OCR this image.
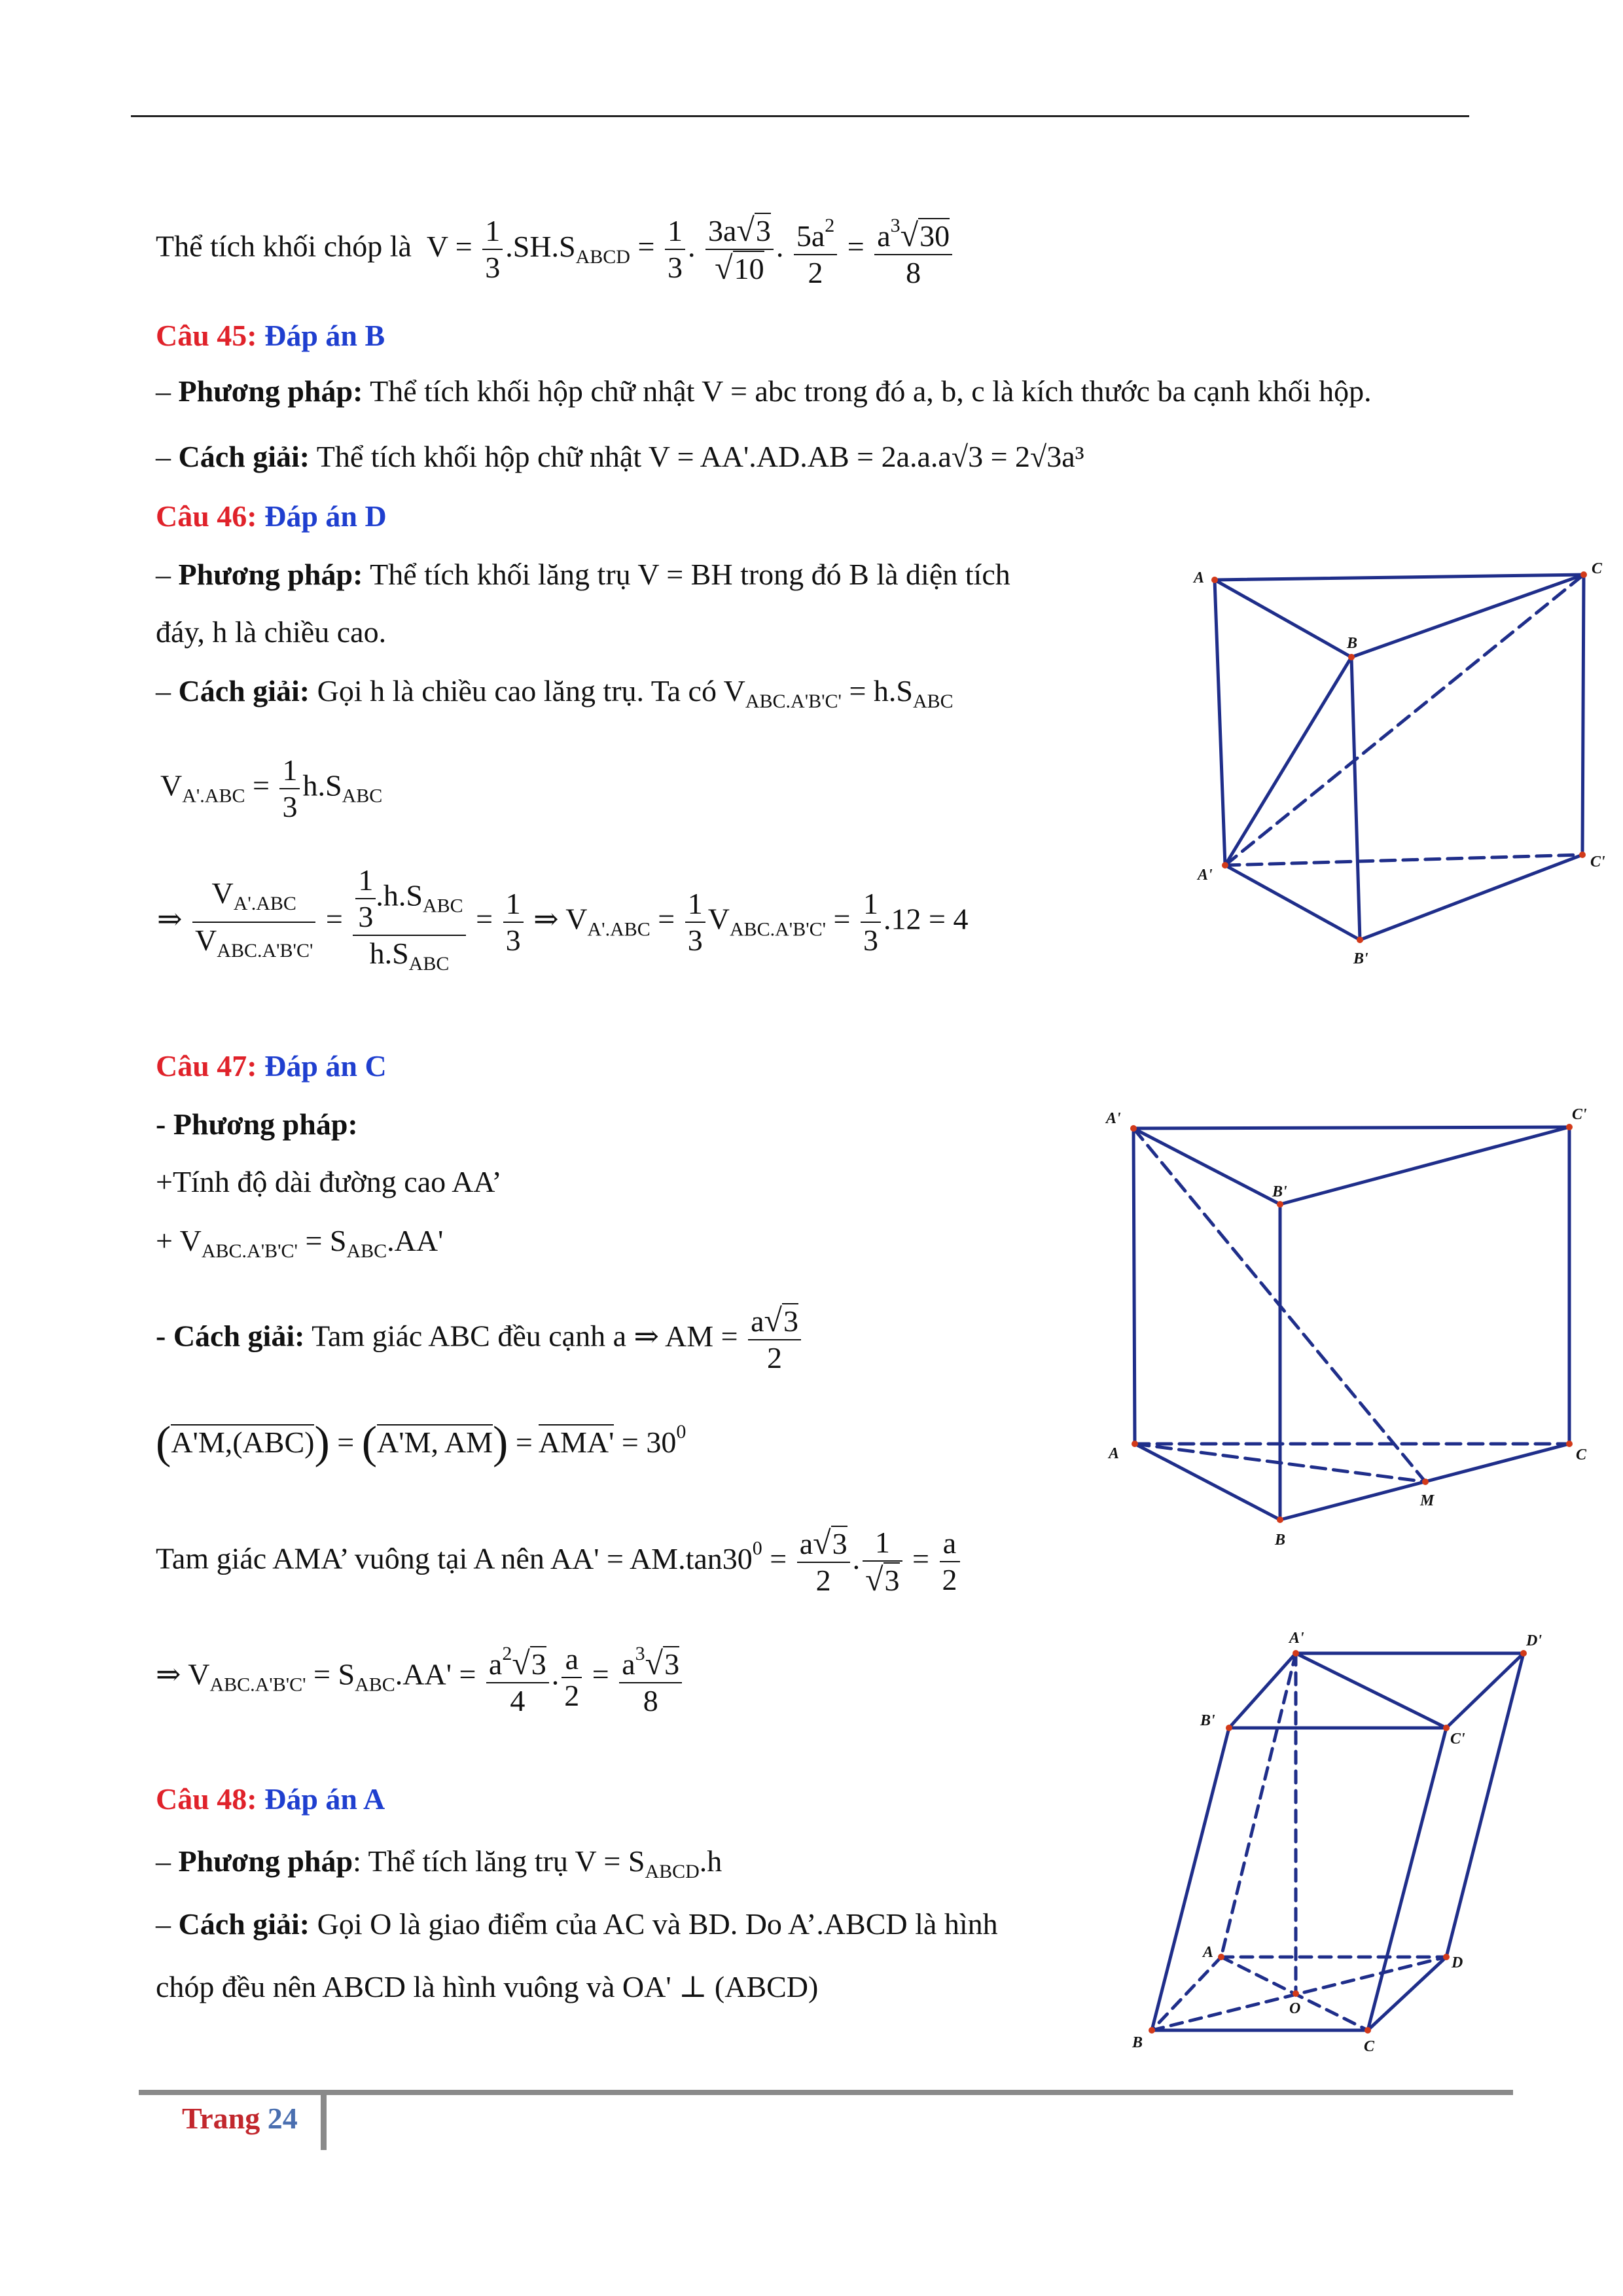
Thể tích khối chóp là  $V = \frac{1}{3} .SH.S_{ABCD} = \frac{1}{3}$ . $\frac{3a√3}{√10}$ . $\frac{5a^2}{2} = \frac{a^3√30}{8}$
Câu 45: Đáp án B
– Phương pháp: Thể tích khối hộp chữ nhật V = abc trong đó a, b, c là kích thước ba cạnh khối hộp.
– Cách giải: Thể tích khối hộp chữ nhật V = AA'.AD.AB = 2a.a.a√3 = 2√3a³
Câu 46: Đáp án D
– Phương pháp: Thể tích khối lăng trụ V = BH trong đó B là diện tích
đáy, h là chiều cao.
– Cách giải: Gọi h là chiều cao lăng trụ. Ta có $V_{ABC.A'B'C'} = h.S_{ABC}$
$V_{A'.ABC} = \frac{1}{3} h.S_{ABC}$
⇒ $\frac{V_{A'.ABC}}{V_{ABC.A'B'C'}} = \frac{\frac{1}{3} .h.S_{ABC}}{h.S_{ABC}} = \frac{1}{3}$ ⇒ $V_{A'.ABC} = \frac{1}{3} V_{ABC.A'B'C'} = \frac{1}{3} .12 = 4$
Câu 47: Đáp án C
- Phương pháp:
+Tính độ dài đường cao AA’
+ $V_{ABC.A'B'C'} = S_{ABC}.AA'$
- Cách giải: Tam giác ABC đều cạnh a ⇒ AM = $\frac{a√3}{2}$
(A'M,(ABC)) = (A'M, $AM) = AMA' = 30^0$
Tam giác AMA’ vuông tại A nên $AA' = AM.\tan 30^0 = \frac{a√3}{2}$ . $\frac{1}{√3} = \frac{a}{2}$
⇒ $V_{ABC.A'B'C'} = S_{ABC}.AA' = \frac{a^2√3}{4}$ . $\frac{a}{2} = \frac{a^3√3}{8}$
Câu 48: Đáp án A
– Phương pháp: Thể tích lăng trụ $V = S_{ABCD}.h$
– Cách giải: Gọi O là giao điểm của AC và BD. Do A’.ABCD là hình
chóp đều nên ABCD là hình vuông và OA' ⊥ (ABCD)
A
B
C
A'
B'
C'
A'
B'
C'
A
B
C
M
A'
B'
C'
D'
A
B	C
D
O
Trang 24
